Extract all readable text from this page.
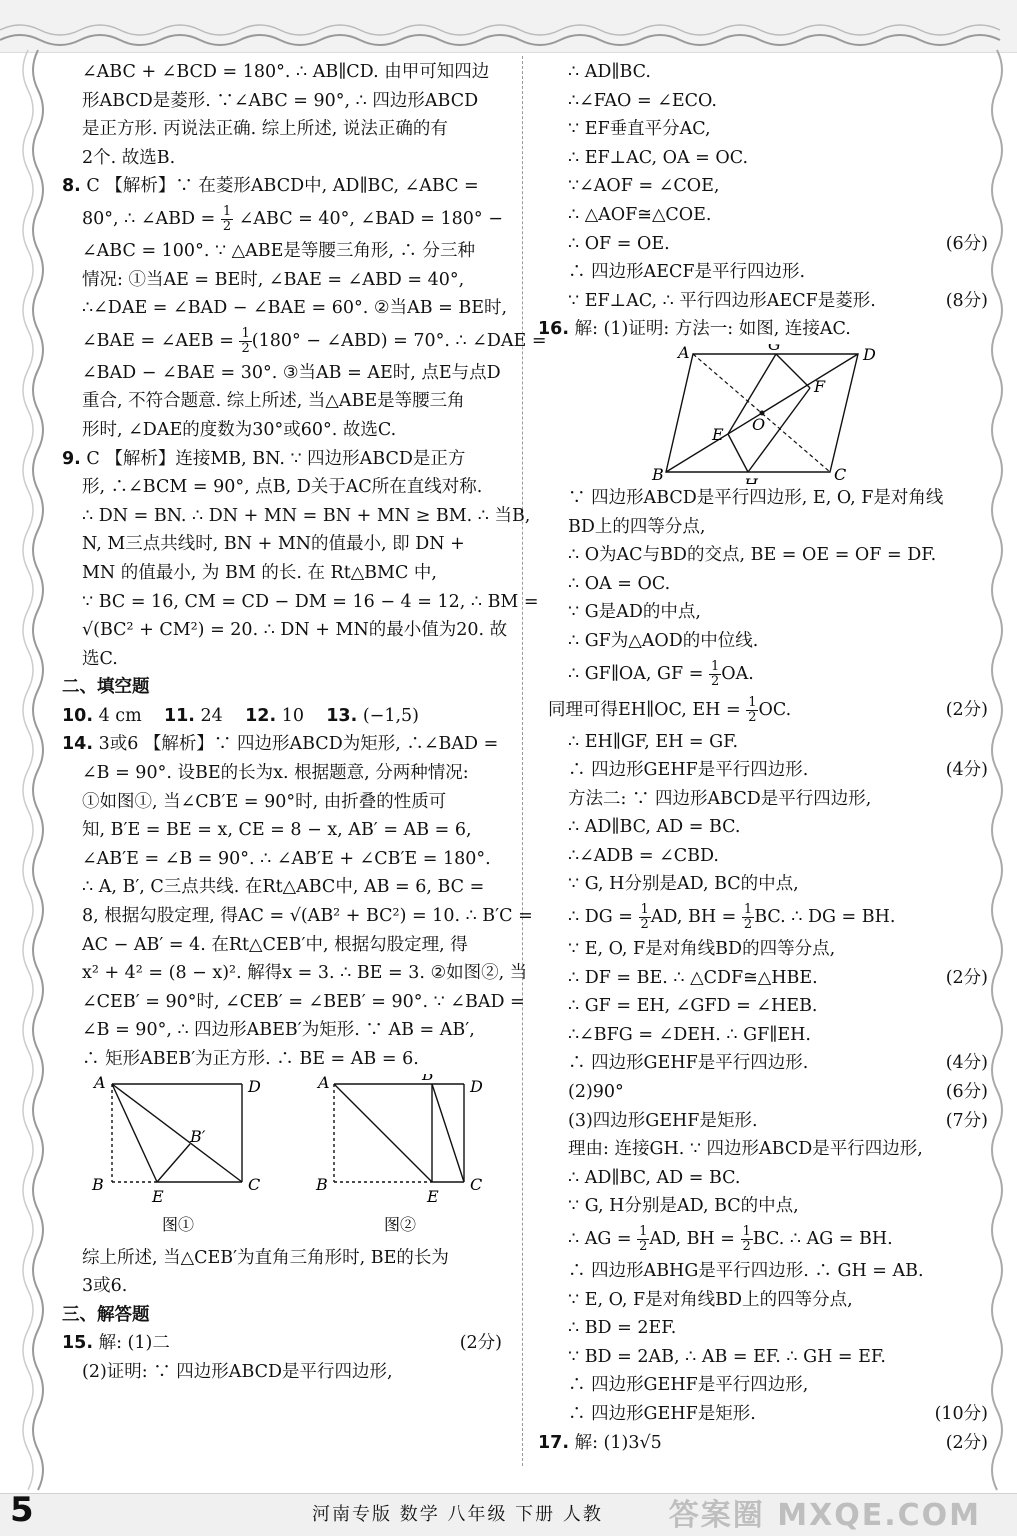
∠ABC + ∠BCD = 180°. ∴ AB∥CD. 由甲可知四边
形ABCD是菱形. ∵∠ABC = 90°, ∴ 四边形ABCD
是正方形. 丙说法正确. 综上所述, 说法正确的有
2个. 故选B.
8. C 【解析】∵ 在菱形ABCD中, AD∥BC, ∠ABC =
80°, ∴ ∠ABD = $\frac{1}{2}$ ∠ABC = 40°, ∠BAD = 180° −
∠ABC = 100°. ∵ △ABE是等腰三角形, ∴ 分三种
情况: ①当AE = BE时, ∠BAE = ∠ABD = 40°,
∴∠DAE = ∠BAD − ∠BAE = 60°. ②当AB = BE时,
∠BAE = ∠AEB = $\frac{1}{2} (180^\circ$ − ∠ABD) = 70°. ∴ ∠DAE =
∠BAD − ∠BAE = 30°. ③当AB = AE时, 点E与点D
重合, 不符合题意. 综上所述, 当△ABE是等腰三角
形时, ∠DAE的度数为30°或60°. 故选C.
9. C 【解析】连接MB, BN. ∵ 四边形ABCD是正方
形, ∴∠BCM = 90°, 点B, D关于AC所在直线对称.
∴ DN = BN. ∴ DN + MN = BN + MN ≥ BM. ∴ 当B,
N, M三点共线时, BN + MN的值最小, 即 DN +
MN 的值最小, 为 BM 的长. 在 Rt△BMC 中,
∵ BC = 16, CM = CD − DM = 16 − 4 = 12, ∴ BM =
√(BC² + CM²) = 20. ∴ DN + MN的最小值为20. 故
选C.
二、填空题
10. 4 cm 11. 24 12. 10 13. (−1,5)
14. 3或6 【解析】∵ 四边形ABCD为矩形, ∴∠BAD =
∠B = 90°. 设BE的长为x. 根据题意, 分两种情况:
①如图①, 当∠CB′E = 90°时, 由折叠的性质可
知, B′E = BE = x, CE = 8 − x, AB′ = AB = 6,
∠AB′E = ∠B = 90°. ∴ ∠AB′E + ∠CB′E = 180°.
∴ A, B′, C三点共线. 在Rt△ABC中, AB = 6, BC =
8, 根据勾股定理, 得AC = √(AB² + BC²) = 10. ∴ B′C =
AC − AB′ = 4. 在Rt△CEB′中, 根据勾股定理, 得
x² + 4² = (8 − x)². 解得x = 3. ∴ BE = 3. ②如图②, 当
∠CEB′ = 90°时, ∠CEB′ = ∠BEB′ = 90°. ∵ ∠BAD =
∠B = 90°, ∴ 四边形ABEB′为矩形. ∵ AB = AB′,
∴ 矩形ABEB′为正方形. ∴ BE = AB = 6.
A	D
B	C
E
B′
A	D
B	C
E
B′
图①	图②
综上所述, 当△CEB′为直角三角形时, BE的长为
3或6.
三、解答题
15. 解: (1)二	(2分)
(2)证明: ∵ 四边形ABCD是平行四边形,
∴ AD∥BC.
∴∠FAO = ∠ECO.
∵ EF垂直平分AC,
∴ EF⊥AC, OA = OC.
∵∠AOF = ∠COE,
∴ △AOF≅△COE.
∴ OF = OE.	(6分)
∴ 四边形AECF是平行四边形.
∵ EF⊥AC, ∴ 平行四边形AECF是菱形.	(8分)
16. 解: (1)证明: 方法一: 如图, 连接AC.
A	G
D
F
E
O
B	C
∵ 四边形ABCD是平行四边形, E, O, F是对角线
BD上的四等分点,
∴ O为AC与BD的交点, BE = OE = OF = DF.
∴ OA = OC.
∵ G是AD的中点,
∴ GF为△AOD的中位线.
∴ GF∥OA, GF = $\frac{1}{2}$ OA.
同理可得EH∥OC, EH = $\frac{1}{2}$ OC.	(2分)
∴ EH∥GF, EH = GF.
∴ 四边形GEHF是平行四边形.	(4分)
方法二: ∵ 四边形ABCD是平行四边形,
∴ AD∥BC, AD = BC.
∴∠ADB = ∠CBD.
∵ G, H分别是AD, BC的中点,
∴ DG = $\frac{1}{2}$ AD, BH = $\frac{1}{2}$ BC. ∴ DG = BH.
∵ E, O, F是对角线BD的四等分点,
∴ DF = BE. ∴ △CDF≅△HBE.	(2分)
∴ GF = EH, ∠GFD = ∠HEB.
∴∠BFG = ∠DEH. ∴ GF∥EH.
∴ 四边形GEHF是平行四边形.	(4分)
(2)90°	(6分)
(3)四边形GEHF是矩形.	(7分)
理由: 连接GH. ∵ 四边形ABCD是平行四边形,
∴ AD∥BC, AD = BC.
∵ G, H分别是AD, BC的中点,
∴ AG = $\frac{1}{2}$ AD, BH = $\frac{1}{2}$ BC. ∴ AG = BH.
∴ 四边形ABHG是平行四边形. ∴ GH = AB.
∵ E, O, F是对角线BD上的四等分点,
∴ BD = 2EF.
∵ BD = 2AB, ∴ AB = EF. ∴ GH = EF.
∴ 四边形GEHF是平行四边形,
∴ 四边形GEHF是矩形.	(10分)
17. 解: (1)3√5	(2分)
5	河南专版 数学 八年级 下册 人教 答案圈 MXQE.COM
